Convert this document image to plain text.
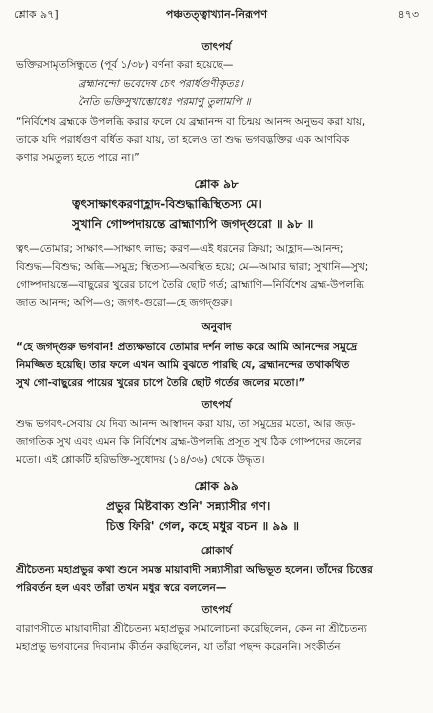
শ্লোক ৯৭]	পঞ্চতত্ত্বাখ্যান-নিরূপণ	৪৭৩
তাৎপর্য
ভক্তিরসামৃতসিন্ধুতে (পূর্ব ১/৩৮) বর্ণনা করা হয়েছে—
ব্রহ্মানন্দো ভবেদেষ চেৎ পরার্ধগুণীকৃতঃ।
নৈতি ভক্তিসুখাম্ভোধেঃ পরমাণু তুলামপি ॥
“নির্বিশেষ ব্রহ্মকে উপলব্ধি করার ফলে যে ব্রহ্মানন্দ বা চিন্ময় আনন্দ অনুভব করা যায়,
তাকে যদি পরার্ধগুণ বর্ধিত করা যায়, তা হলেও তা শুদ্ধ ভগবদ্ভক্তির এক আণবিক
কণার সমতুল্য হতে পারে না।”
শ্লোক ৯৮
ত্বৎসাক্ষাৎকরণাহ্লাদ-বিশুদ্ধাব্ধিস্থিতস্য মে।
সুখানি গোষ্পদায়ন্তে ব্রাহ্মাণ্যপি জগদ্গুরো ॥ ৯৮ ॥
ত্বৎ—তোমার; সাক্ষাৎ—সাক্ষাৎ লাভ; করণ—এই ধরনের ক্রিয়া; আহ্লাদ—আনন্দ;
বিশুদ্ধ—বিশুদ্ধ; অব্ধি—সমুদ্র; স্থিতস্য—অবস্থিত হয়ে; মে—আমার দ্বারা; সুখানি—সুখ;
গোষ্পদায়ন্তে—বাছুরের খুরের চাপে তৈরি ছোট গর্ত; ব্রাহ্মাণি—নির্বিশেষ ব্রহ্ম-উপলব্ধি
জাত আনন্দ; অপি—ও; জগৎ-গুরো—হে জগদ্গুরু।
অনুবাদ
“হে জগদ্গুরু ভগবান! প্রত্যক্ষভাবে তোমার দর্শন লাভ করে আমি আনন্দের সমুদ্রে
নিমজ্জিত হয়েছি। তার ফলে এখন আমি বুঝতে পারছি যে, ব্রহ্মানন্দের তথাকথিত
সুখ গো-বাছুরের পায়ের খুরের চাপে তৈরি ছোট গর্তের জলের মতো।”
তাৎপর্য
শুদ্ধ ভগবৎ-সেবায় যে দিব্য আনন্দ আস্বাদন করা যায়, তা সমুদ্রের মতো, আর জড়-
জাগতিক সুখ এবং এমন কি নির্বিশেষ ব্রহ্ম-উপলব্ধি প্রসূত সুখ ঠিক গোষ্পদের জলের
মতো। এই শ্লোকটি হরিভক্তি-সুধোদয় (১৪/৩৬) থেকে উদ্ধৃত।
শ্লোক ৯৯
প্রভুর মিষ্টবাক্য শুনি' সন্ন্যাসীর গণ।
চিত্ত ফিরি' গেল, কহে মধুর বচন ॥ ৯৯ ॥
শ্লোকার্থ
শ্রীচৈতন্য মহাপ্রভুর কথা শুনে সমস্ত মায়াবাদী সন্ন্যাসীরা অভিভূত হলেন। তাঁদের চিত্তের
পরিবর্তন হল এবং তাঁরা তখন মধুর স্বরে বললেন—
তাৎপর্য
বারাণসীতে মায়াবাদীরা শ্রীচৈতন্য মহাপ্রভুর সমালোচনা করেছিলেন, কেন না শ্রীচৈতন্য
মহাপ্রভু ভগবানের দিব্যনাম কীর্তন করছিলেন, যা তাঁরা পছন্দ করেননি। সংকীর্তন
